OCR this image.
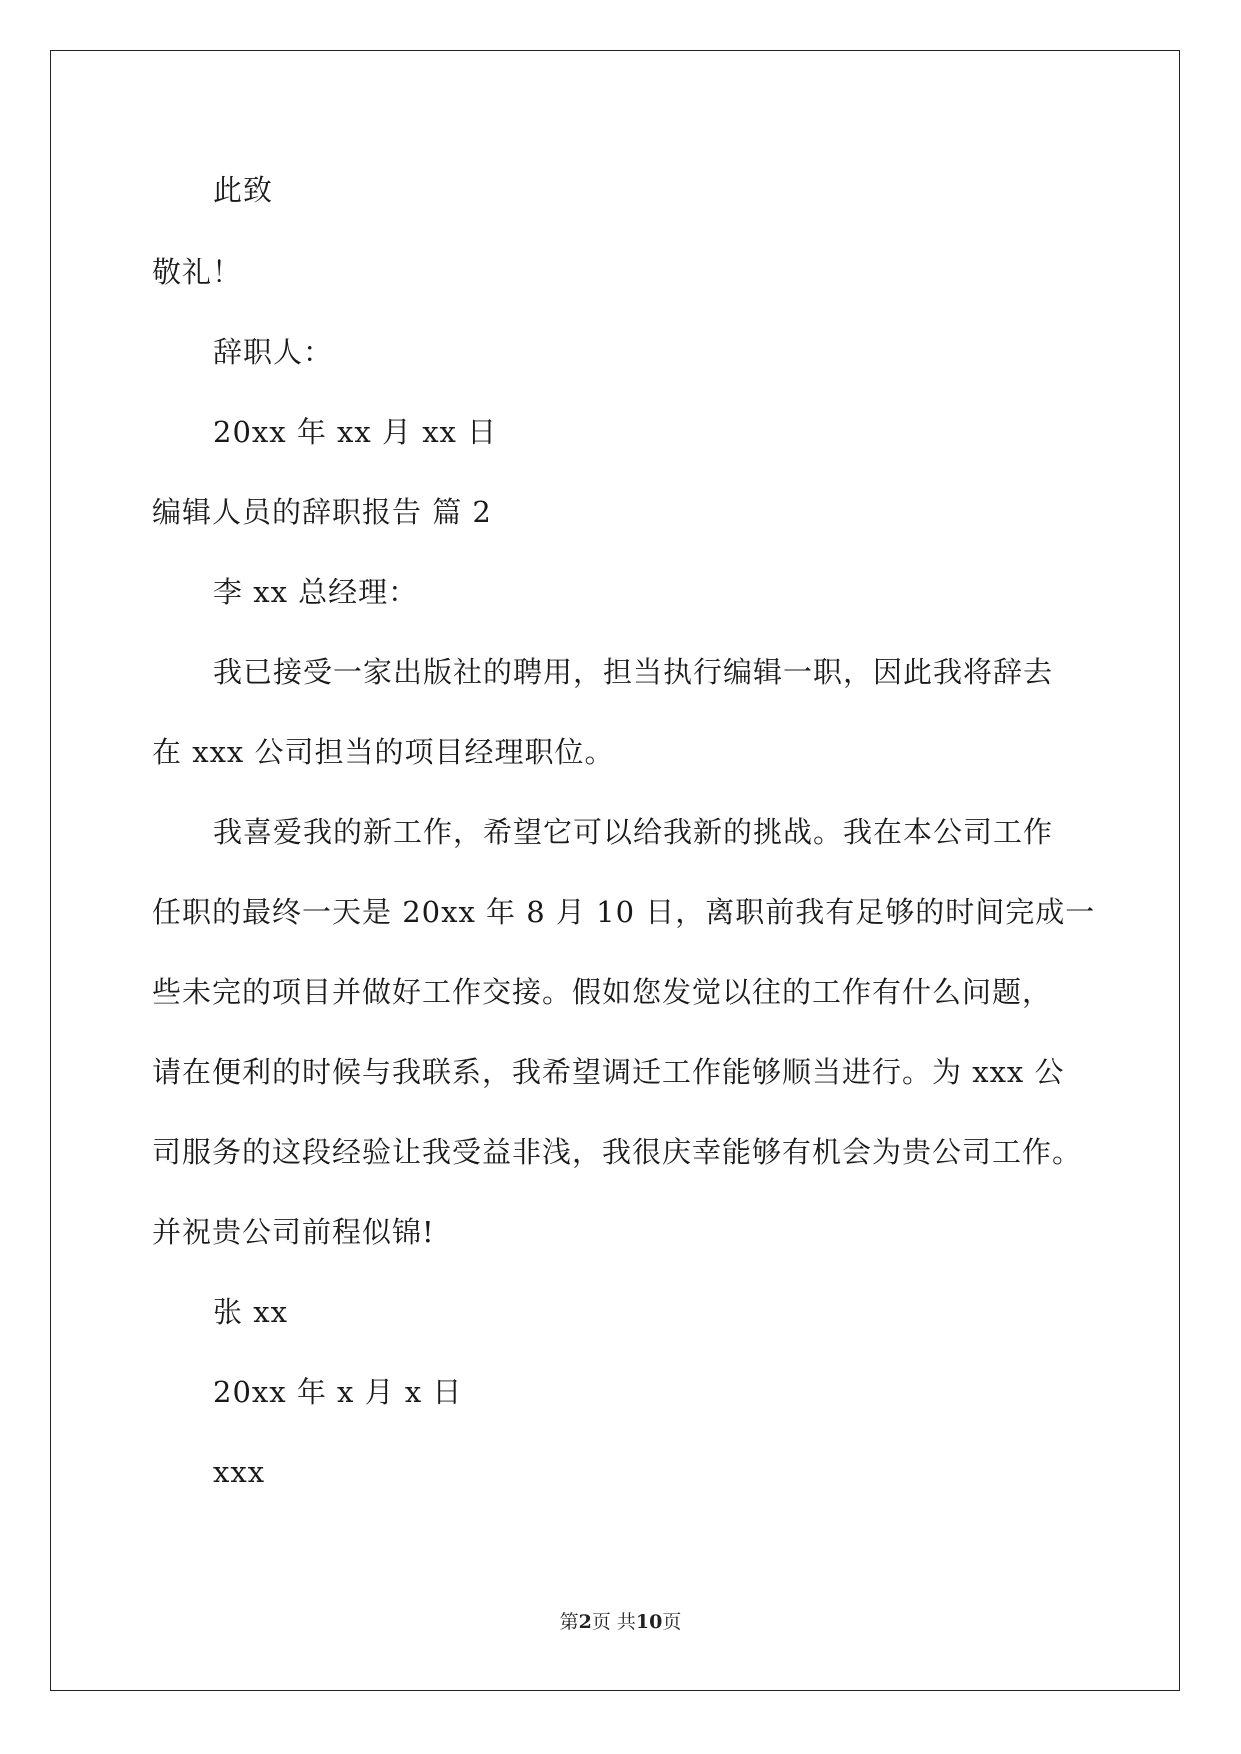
此致
敬礼！
辞职人：
20xx 年 xx 月 xx 日
编辑人员的辞职报告 篇 2
李 xx 总经理：
我已接受一家出版社的聘用，担当执行编辑一职，因此我将辞去
在 xxx 公司担当的项目经理职位。
我喜爱我的新工作，希望它可以给我新的挑战。我在本公司工作
任职的最终一天是 20xx 年 8 月 10 日，离职前我有足够的时间完成一
些未完的项目并做好工作交接。假如您发觉以往的工作有什么问题，
请在便利的时候与我联系，我希望调迁工作能够顺当进行。为 xxx 公
司服务的这段经验让我受益非浅，我很庆幸能够有机会为贵公司工作。
并祝贵公司前程似锦!
张 xx
20xx 年 x 月 x 日
xxx
第2页 共10页
